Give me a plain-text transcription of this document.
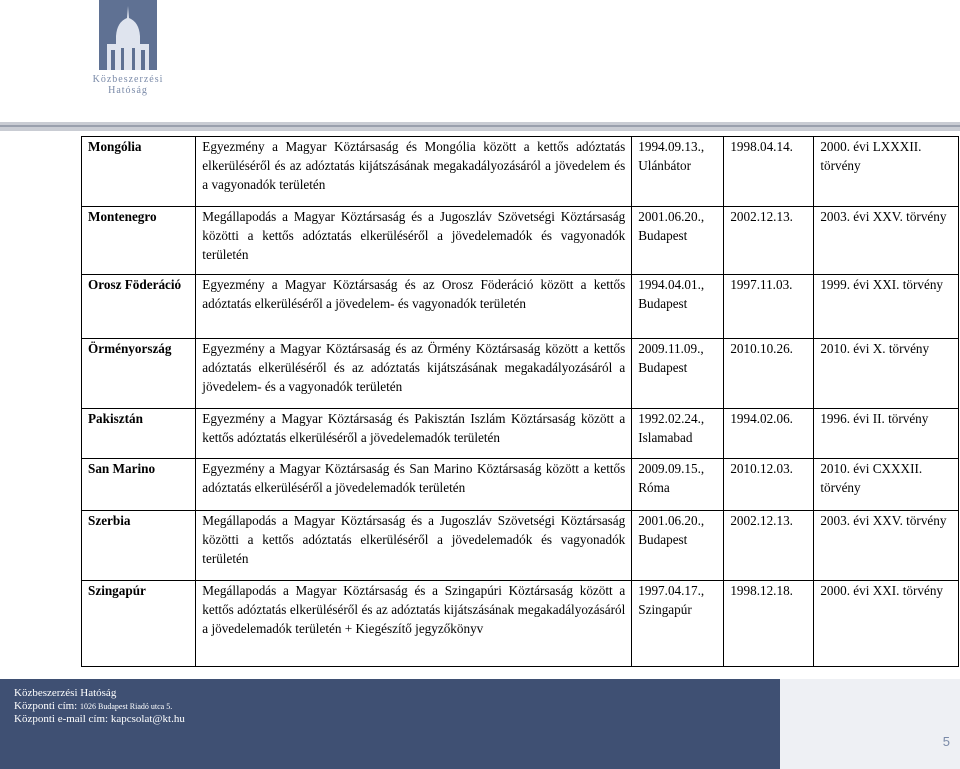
Közbeszerzési
Hatóság
Mongólia	Egyezmény a Magyar Köztársaság és Mongólia között a kettős adóztatás elkerüléséről és az adóztatás kijátszásának megakadályozásáról a jövedelem és a vagyonadók területén	1994.09.13., Ulánbátor	1998.04.14.	2000. évi LXXXII. törvény
Montenegro	Megállapodás a Magyar Köztársaság és a Jugoszláv Szövetségi Köztársaság közötti a kettős adóztatás elkerüléséről a jövedelemadók és vagyonadók területén	2001.06.20., Budapest	2002.12.13.	2003. évi XXV. törvény
Orosz Föderáció	Egyezmény a Magyar Köztársaság és az Orosz Föderáció között a kettős adóztatás elkerüléséről a jövedelem- és vagyonadók területén	1994.04.01., Budapest	1997.11.03.	1999. évi XXI. törvény
Örményország	Egyezmény a Magyar Köztársaság és az Örmény Köztársaság között a kettős adóztatás elkerüléséről és az adóztatás kijátszásának megakadályozásáról a jövedelem- és a vagyonadók területén	2009.11.09., Budapest	2010.10.26.	2010. évi X. törvény
Pakisztán	Egyezmény a Magyar Köztársaság és Pakisztán Iszlám Köztársaság között a kettős adóztatás elkerüléséről a jövedelemadók területén	1992.02.24., Islamabad	1994.02.06.	1996. évi II. törvény
San Marino	Egyezmény a Magyar Köztársaság és San Marino Köztársaság között a kettős adóztatás elkerüléséről a jövedelemadók területén	2009.09.15., Róma	2010.12.03.	2010. évi CXXXII. törvény
Szerbia	Megállapodás a Magyar Köztársaság és a Jugoszláv Szövetségi Köztársaság közötti a kettős adóztatás elkerüléséről a jövedelemadók és vagyonadók területén	2001.06.20., Budapest	2002.12.13.	2003. évi XXV. törvény
Szingapúr	Megállapodás a Magyar Köztársaság és a Szingapúri Köztársaság között a kettős adóztatás elkerüléséről és az adóztatás kijátszásának megakadályozásáról a jövedelemadók területén + Kiegészítő jegyzőkönyv	1997.04.17., Szingapúr	1998.12.18.	2000. évi XXI. törvény
Közbeszerzési Hatóság
Központi cím: 1026 Budapest Riadó utca 5.
Központi e-mail cím: kapcsolat@kt.hu
5
